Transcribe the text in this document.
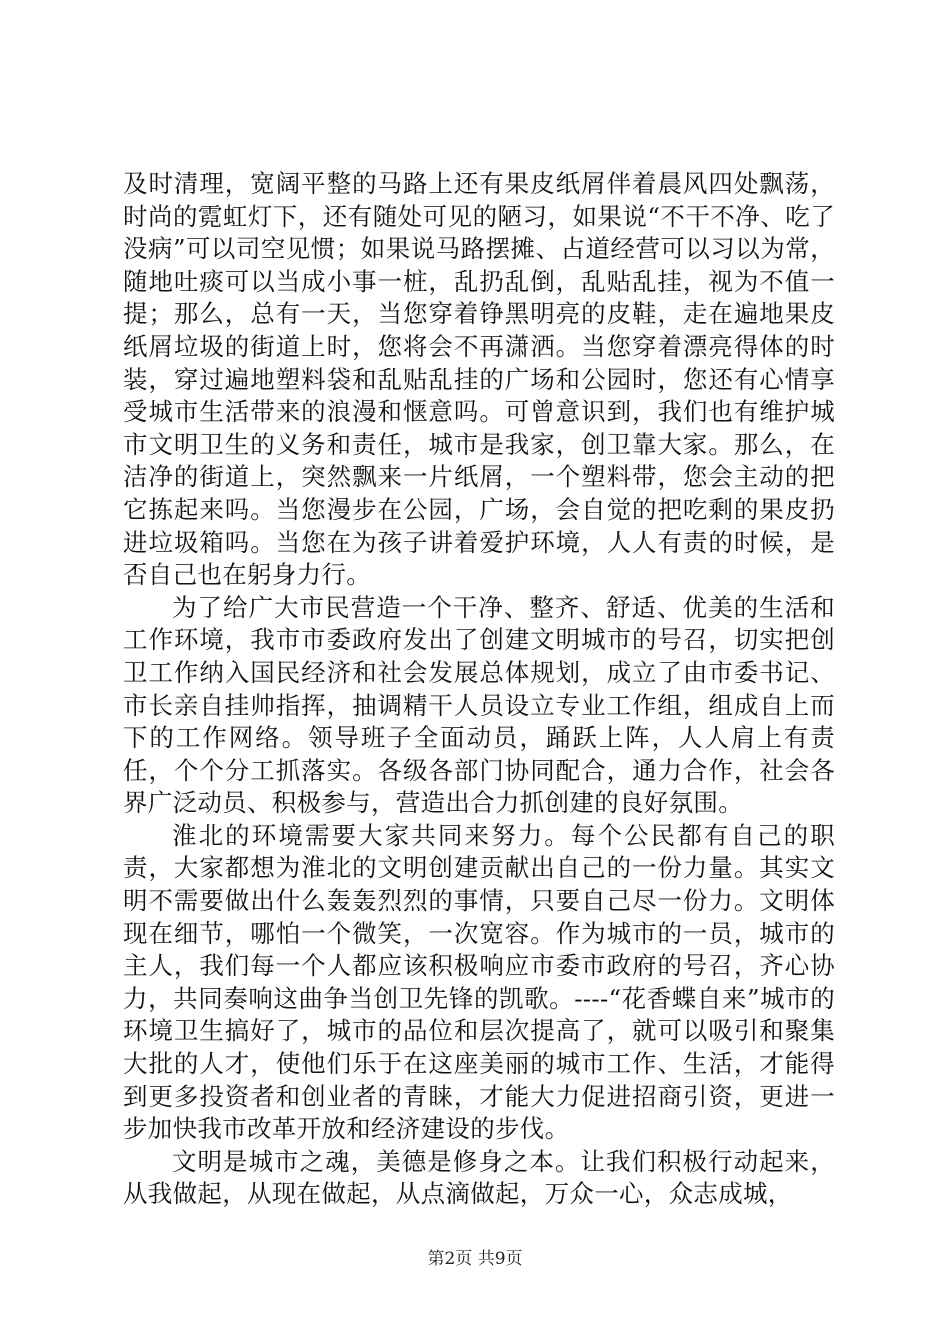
及时清理，宽阔平整的马路上还有果皮纸屑伴着晨风四处飘荡，时尚的霓虹灯下，还有随处可见的陋习，如果说“不干不净、吃了没病”可以司空见惯；如果说马路摆摊、占道经营可以习以为常，随地吐痰可以当成小事一桩，乱扔乱倒，乱贴乱挂，视为不值一提；那么，总有一天，当您穿着铮黑明亮的皮鞋，走在遍地果皮纸屑垃圾的街道上时，您将会不再潇洒。当您穿着漂亮得体的时装，穿过遍地塑料袋和乱贴乱挂的广场和公园时，您还有心情享受城市生活带来的浪漫和惬意吗。可曾意识到，我们也有维护城市文明卫生的义务和责任，城市是我家，创卫靠大家。那么，在洁净的街道上，突然飘来一片纸屑，一个塑料带，您会主动的把它拣起来吗。当您漫步在公园，广场，会自觉的把吃剩的果皮扔进垃圾箱吗。当您在为孩子讲着爱护环境，人人有责的时候，是否自己也在躬身力行。

为了给广大市民营造一个干净、整齐、舒适、优美的生活和工作环境，我市市委政府发出了创建文明城市的号召，切实把创卫工作纳入国民经济和社会发展总体规划，成立了由市委书记、市长亲自挂帅指挥，抽调精干人员设立专业工作组，组成自上而下的工作网络。领导班子全面动员，踊跃上阵，人人肩上有责任，个个分工抓落实。各级各部门协同配合，通力合作，社会各界广泛动员、积极参与，营造出合力抓创建的良好氛围。

淮北的环境需要大家共同来努力。每个公民都有自己的职责，大家都想为淮北的文明创建贡献出自己的一份力量。其实文明不需要做出什么轰轰烈烈的事情，只要自己尽一份力。文明体现在细节，哪怕一个微笑，一次宽容。作为城市的一员，城市的主人，我们每一个人都应该积极响应市委市政府的号召，齐心协力，共同奏响这曲争当创卫先锋的凯歌。----“花香蝶自来”城市的环境卫生搞好了，城市的品位和层次提高了，就可以吸引和聚集大批的人才，使他们乐于在这座美丽的城市工作、生活，才能得到更多投资者和创业者的青睐，才能大力促进招商引资，更进一步加快我市改革开放和经济建设的步伐。

文明是城市之魂，美德是修身之本。让我们积极行动起来，从我做起，从现在做起，从点滴做起，万众一心，众志成城，

第2页 共9页
